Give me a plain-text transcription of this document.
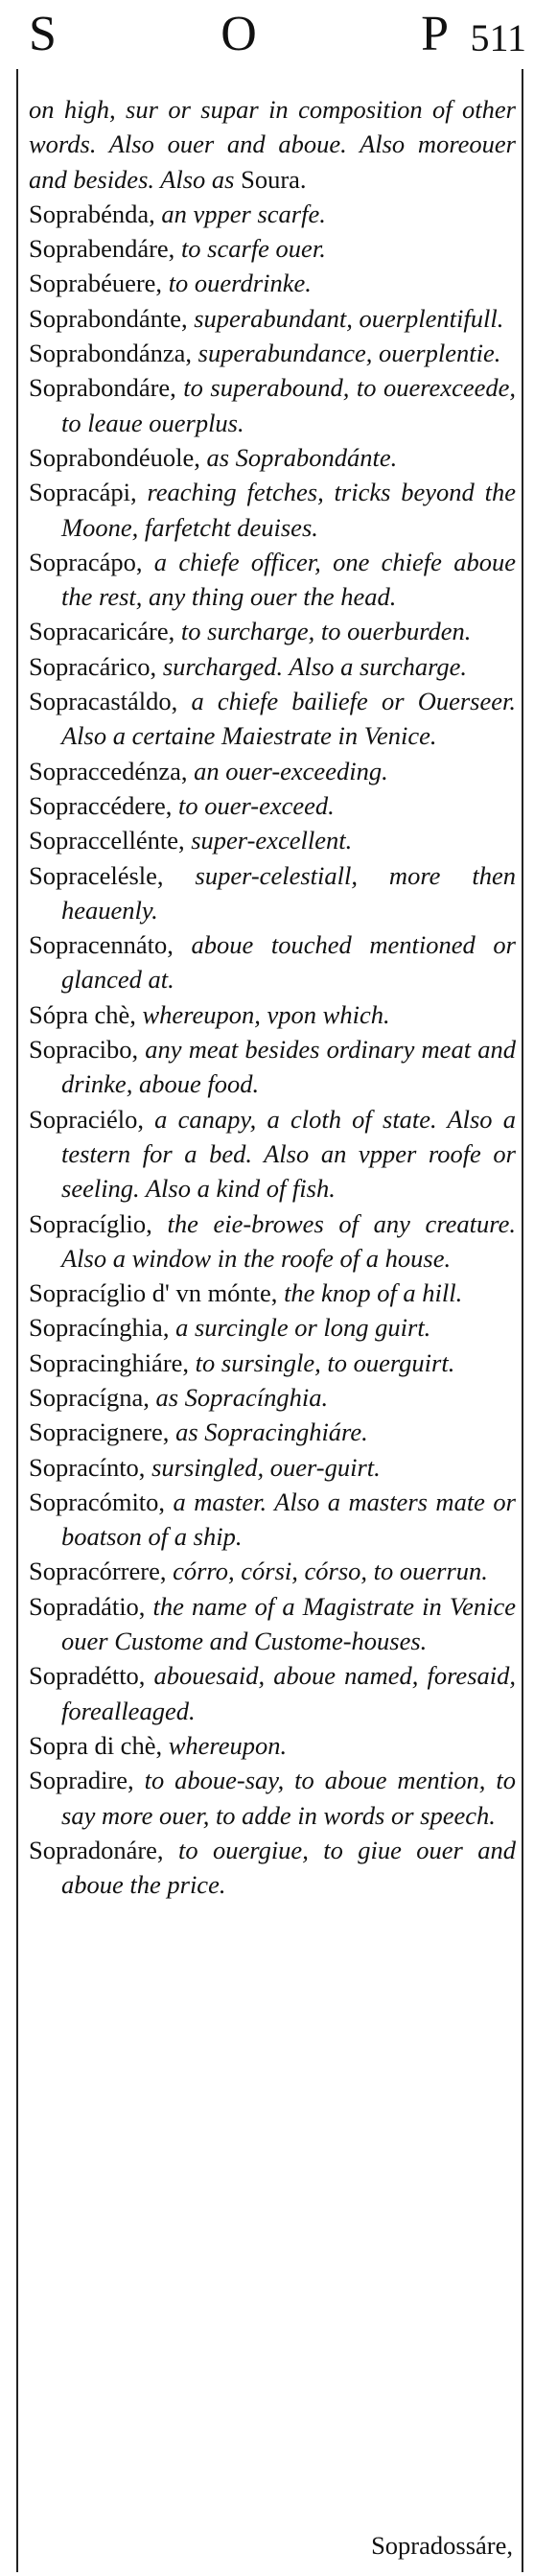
S	O	P 511
on high, sur or supar in composition of other words. Also ouer and aboue. Also moreouer and besides. Also as Soura.
Soprabénda, an vpper scarfe.
Soprabendáre, to scarfe ouer.
Soprabéuere, to ouerdrinke.
Soprabondánte, superabundant, ouerplentifull.
Soprabondánza, superabundance, ouerplentie.
Soprabondáre, to superabound, to ouerexceede, to leaue ouerplus.
Soprabondéuole, as Soprabondánte.
Sopracápi, reaching fetches, tricks beyond the Moone, farfetcht deuises.
Sopracápo, a chiefe officer, one chiefe aboue the rest, any thing ouer the head.
Sopracaricáre, to surcharge, to ouerburden.
Sopracárico, surcharged. Also a surcharge.
Sopracastáldo, a chiefe bailiefe or Ouerseer. Also a certaine Maiestrate in Venice.
Sopraccedénza, an ouer-exceeding.
Sopraccédere, to ouer-exceed.
Sopraccellénte, super-excellent.
Sopracelésle, super-celestiall, more then heauenly.
Sopracennáto, aboue touched mentioned or glanced at.
Sópra chè, whereupon, vpon which.
Sopracibo, any meat besides ordinary meat and drinke, aboue food.
Sopraciélo, a canapy, a cloth of state. Also a testern for a bed. Also an vpper roofe or seeling. Also a kind of fish.
Sopracíglio, the eie-browes of any creature. Also a window in the roofe of a house.
Sopracíglio d' vn mónte, the knop of a hill.
Sopracínghia, a surcingle or long guirt.
Sopracinghiáre, to sursingle, to ouerguirt.
Sopracígna, as Sopracínghia.
Sopracignere, as Sopracinghiáre.
Sopracínto, sursingled, ouer-guirt.
Sopracómito, a master. Also a masters mate or boatson of a ship.
Sopracórrere, córro, córsi, córso, to ouerrun.
Sopradátio, the name of a Magistrate in Venice ouer Custome and Custome-houses.
Sopradétto, abouesaid, aboue named, foresaid, forealleaged.
Sopra di chè, whereupon.
Sopradire, to aboue-say, to aboue mention, to say more ouer, to adde in words or speech.
Sopradonáre, to ouergiue, to giue ouer and aboue the price.
Sopradossáre,
